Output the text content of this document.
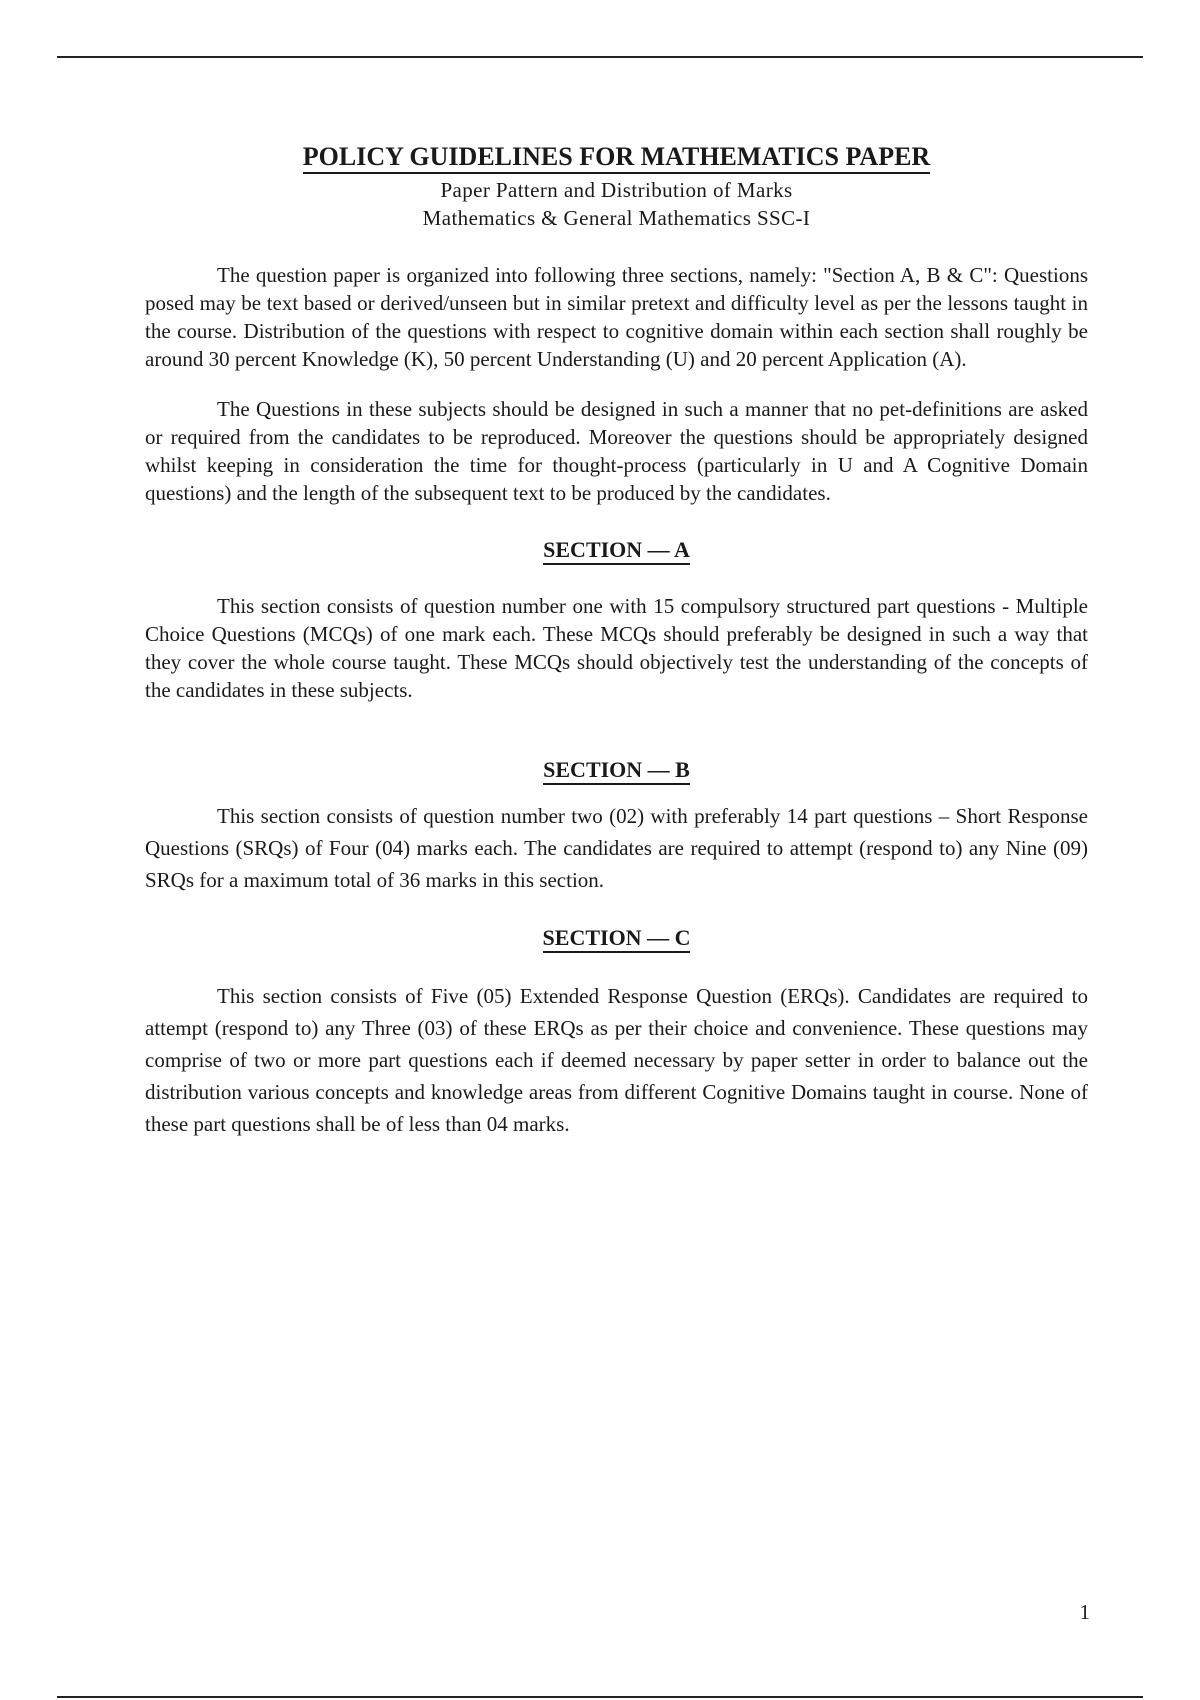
POLICY GUIDELINES FOR MATHEMATICS PAPER
Paper Pattern and Distribution of Marks
Mathematics & General Mathematics SSC-I

The question paper is organized into following three sections, namely: "Section A, B & C": Questions posed may be text based or derived/unseen but in similar pretext and difficulty level as per the lessons taught in the course. Distribution of the questions with respect to cognitive domain within each section shall roughly be around 30 percent Knowledge (K), 50 percent Understanding (U) and 20 percent Application (A).

The Questions in these subjects should be designed in such a manner that no pet-definitions are asked or required from the candidates to be reproduced. Moreover the questions should be appropriately designed whilst keeping in consideration the time for thought-process (particularly in U and A Cognitive Domain questions) and the length of the subsequent text to be produced by the candidates.

SECTION — A

This section consists of question number one with 15 compulsory structured part questions - Multiple Choice Questions (MCQs) of one mark each. These MCQs should preferably be designed in such a way that they cover the whole course taught. These MCQs should objectively test the understanding of the concepts of the candidates in these subjects.

SECTION — B

This section consists of question number two (02) with preferably 14 part questions – Short Response Questions (SRQs) of Four (04) marks each. The candidates are required to attempt (respond to) any Nine (09) SRQs for a maximum total of 36 marks in this section.

SECTION — C

This section consists of Five (05) Extended Response Question (ERQs). Candidates are required to attempt (respond to) any Three (03) of these ERQs as per their choice and convenience. These questions may comprise of two or more part questions each if deemed necessary by paper setter in order to balance out the distribution various concepts and knowledge areas from different Cognitive Domains taught in course. None of these part questions shall be of less than 04 marks.

1
